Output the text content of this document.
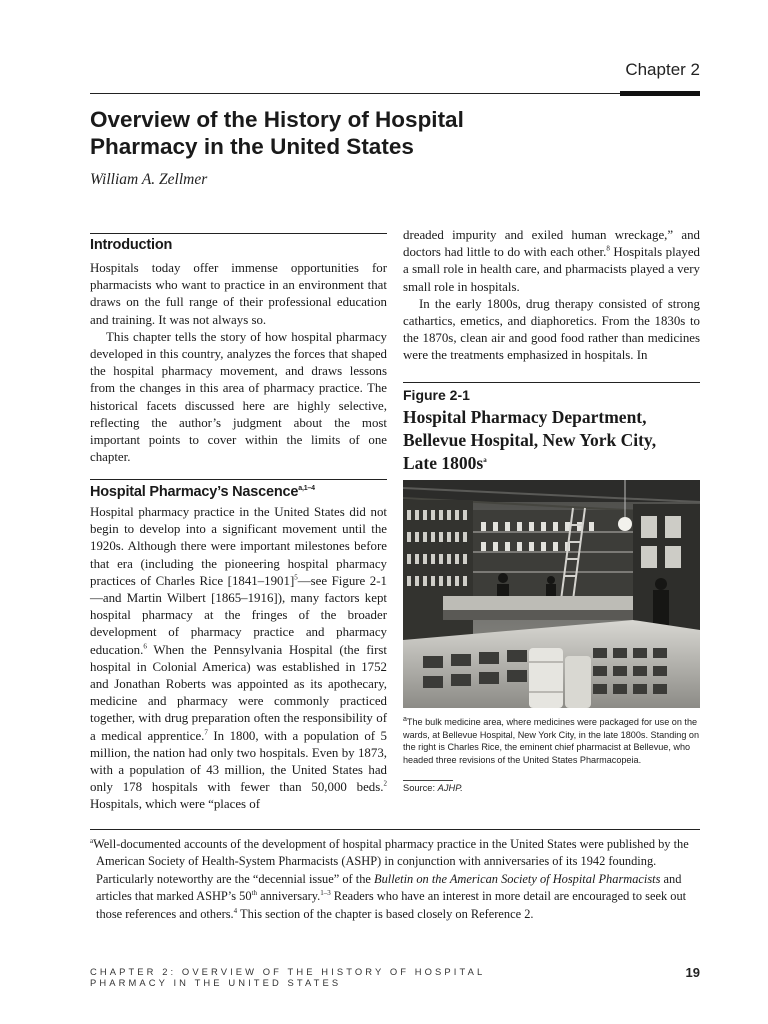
Chapter 2
Overview of the History of Hospital
Pharmacy in the United States
William A. Zellmer
Introduction

Hospitals today offer immense opportunities for pharmacists who want to practice in an environment that draws on the full range of their professional education and training. It was not always so.

This chapter tells the story of how hospital pharmacy developed in this country, analyzes the forces that shaped the hospital pharmacy movement, and draws lessons from the changes in this area of pharmacy practice. The historical facets discussed here are highly selective, reflecting the author’s judgment about the most important points to cover within the limits of one chapter.

Hospital Pharmacy’s Nascence$^{a,1-4}$

Hospital pharmacy practice in the United States did not begin to develop into a significant movement until the 1920s. Although there were important milestones before that era (including the pioneering hospital pharmacy practices of Charles Rice [1841–1901]$^5$—see Figure 2-1—and Martin Wilbert [1865–1916]), many factors kept hospital pharmacy at the fringes of the broader development of pharmacy practice and pharmacy education.$^6$ When the Pennsylvania Hospital (the first hospital in Colonial America) was established in 1752 and Jonathan Roberts was appointed as its apothecary, medicine and pharmacy were commonly practiced together, with drug preparation often the responsibility of a medical apprentice.$^7$ In 1800, with a population of 5 million, the nation had only two hospitals. Even by 1873, with a population of 43 million, the United States had only 178 hospitals with fewer than 50,000 beds.$^2$ Hospitals, which were “places of

dreaded impurity and exiled human wreckage,” and doctors had little to do with each other.$^8$ Hospitals played a small role in health care, and pharmacists played a very small role in hospitals.

In the early 1800s, drug therapy consisted of strong cathartics, emetics, and diaphoretics. From the 1830s to the 1870s, clean air and good food rather than medicines were the treatments emphasized in hospitals. In

Figure 2-1
Hospital Pharmacy Department,
Bellevue Hospital, New York City,
Late $1800s^a$
$^a$The bulk medicine area, where medicines were packaged for use on the wards, at Bellevue Hospital, New York City, in the late 1800s. Standing on the right is Charles Rice, the eminent chief pharmacist at Bellevue, who headed three revisions of the United States Pharmacopeia.
Source: AJHP.
$^a$Well-documented accounts of the development of hospital pharmacy practice in the United States were published by the American Society of Health-System Pharmacists (ASHP) in conjunction with anniversaries of its 1942 founding. Particularly noteworthy are the “decennial issue” of the Bulletin on the American Society of Hospital Pharmacists and articles that marked ASHP’s 50th anniversary.$^{1-3}$ Readers who have an interest in more detail are encouraged to seek out those references and others.$^4$ This section of the chapter is based closely on Reference 2.
CHAPTER 2: OVERVIEW OF THE HISTORY OF HOSPITAL
PHARMACY IN THE UNITED STATES
19
